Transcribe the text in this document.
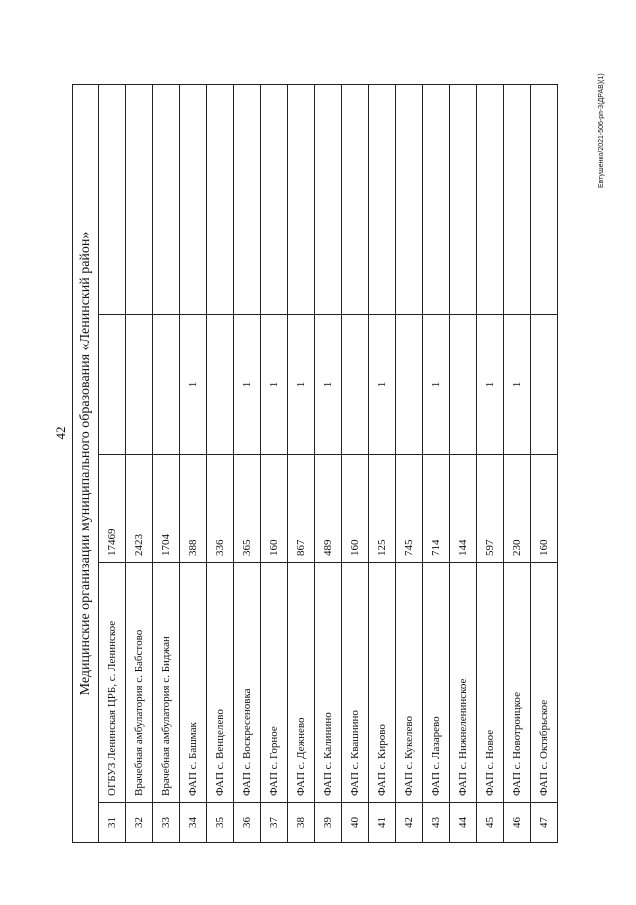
42
Евтушенко/2021-506-рп-3(ДРАВ)(1)
Медицинские организации муниципального образования «Ленинский район»
31
ОГБУЗ Ленинская ЦРБ, с. Ленинское
17469
32
Врачебная амбулатория с. Бабстово
2423
33
Врачебная амбулатория с. Биджан
1704
34
ФАП с. Башмак
388
1
35
ФАП с. Венцелево
336
36
ФАП с. Воскресеновка
365
1
37
ФАП с. Горное
160
1
38
ФАП с. Дежнево
867
1
39
ФАП с. Калинино
489
1
40
ФАП с. Квашнино
160
41
ФАП с. Кирово
125
1
42
ФАП с. Кукелево
745
43
ФАП с. Лазарево
714
1
44
ФАП с. Нижнеленинское
144
45
ФАП с. Новое
597
1
46
ФАП с. Новотроицкое
230
1
47
ФАП с. Октябрьское
160
